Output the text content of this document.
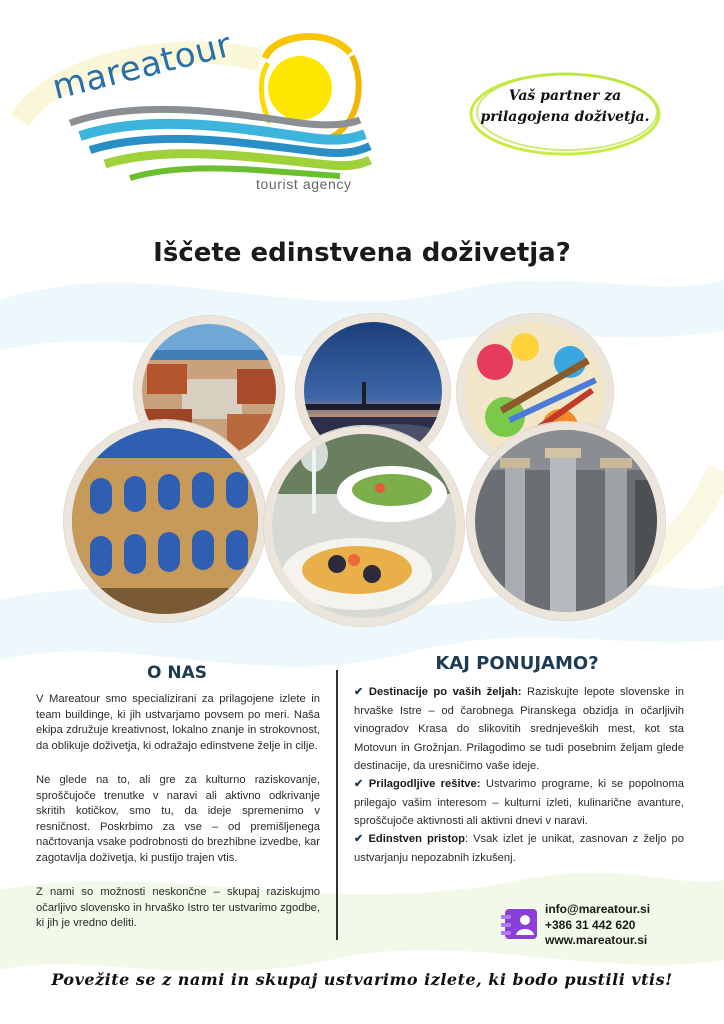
mareatour
tourist agency
Vaš partner za
prilagojena doživetja.
Iščete edinstvena doživetja?
O NAS

V Mareatour smo specializirani za prilagojene izlete in team buildinge, ki jih ustvarjamo povsem po meri. Naša ekipa združuje kreativnost, lokalno znanje in strokovnost, da oblikuje doživetja, ki odražajo edinstvene želje in cilje.

Ne glede na to, ali gre za kulturno raziskovanje, sproščujoče trenutke v naravi ali aktivno odkrivanje skritih kotičkov, smo tu, da ideje spremenimo v resničnost. Poskrbimo za vse – od premišljenega načrtovanja vsake podrobnosti do brezhibne izvedbe, kar zagotavlja doživetja, ki pustijo trajen vtis.

Z nami so možnosti neskončne – skupaj raziskujmo očarljivo slovensko in hrvaško Istro ter ustvarimo zgodbe, ki jih je vredno deliti.

KAJ PONUJAMO?

✔ Destinacije po vaših željah: Raziskujte lepote slovenske in hrvaške Istre – od čarobnega Piranskega obzidja in očarljivih vinogradov Krasa do slikovitih srednjeveških mest, kot sta Motovun in Grožnjan. Prilagodimo se tudi posebnim željam glede destinacije, da uresničimo vaše ideje.

✔ Prilagodljive rešitve: Ustvarimo programe, ki se popolnoma prilegajo vašim interesom – kulturni izleti, kulinarične avanture, sproščujoče aktivnosti ali aktivni dnevi v naravi.

✔ Edinstven pristop: Vsak izlet je unikat, zasnovan z željo po ustvarjanju nepozabnih izkušenj.

info@mareatour.si
+386 31 442 620
www.mareatour.si
Povežite se z nami in skupaj ustvarimo izlete, ki bodo pustili vtis!
